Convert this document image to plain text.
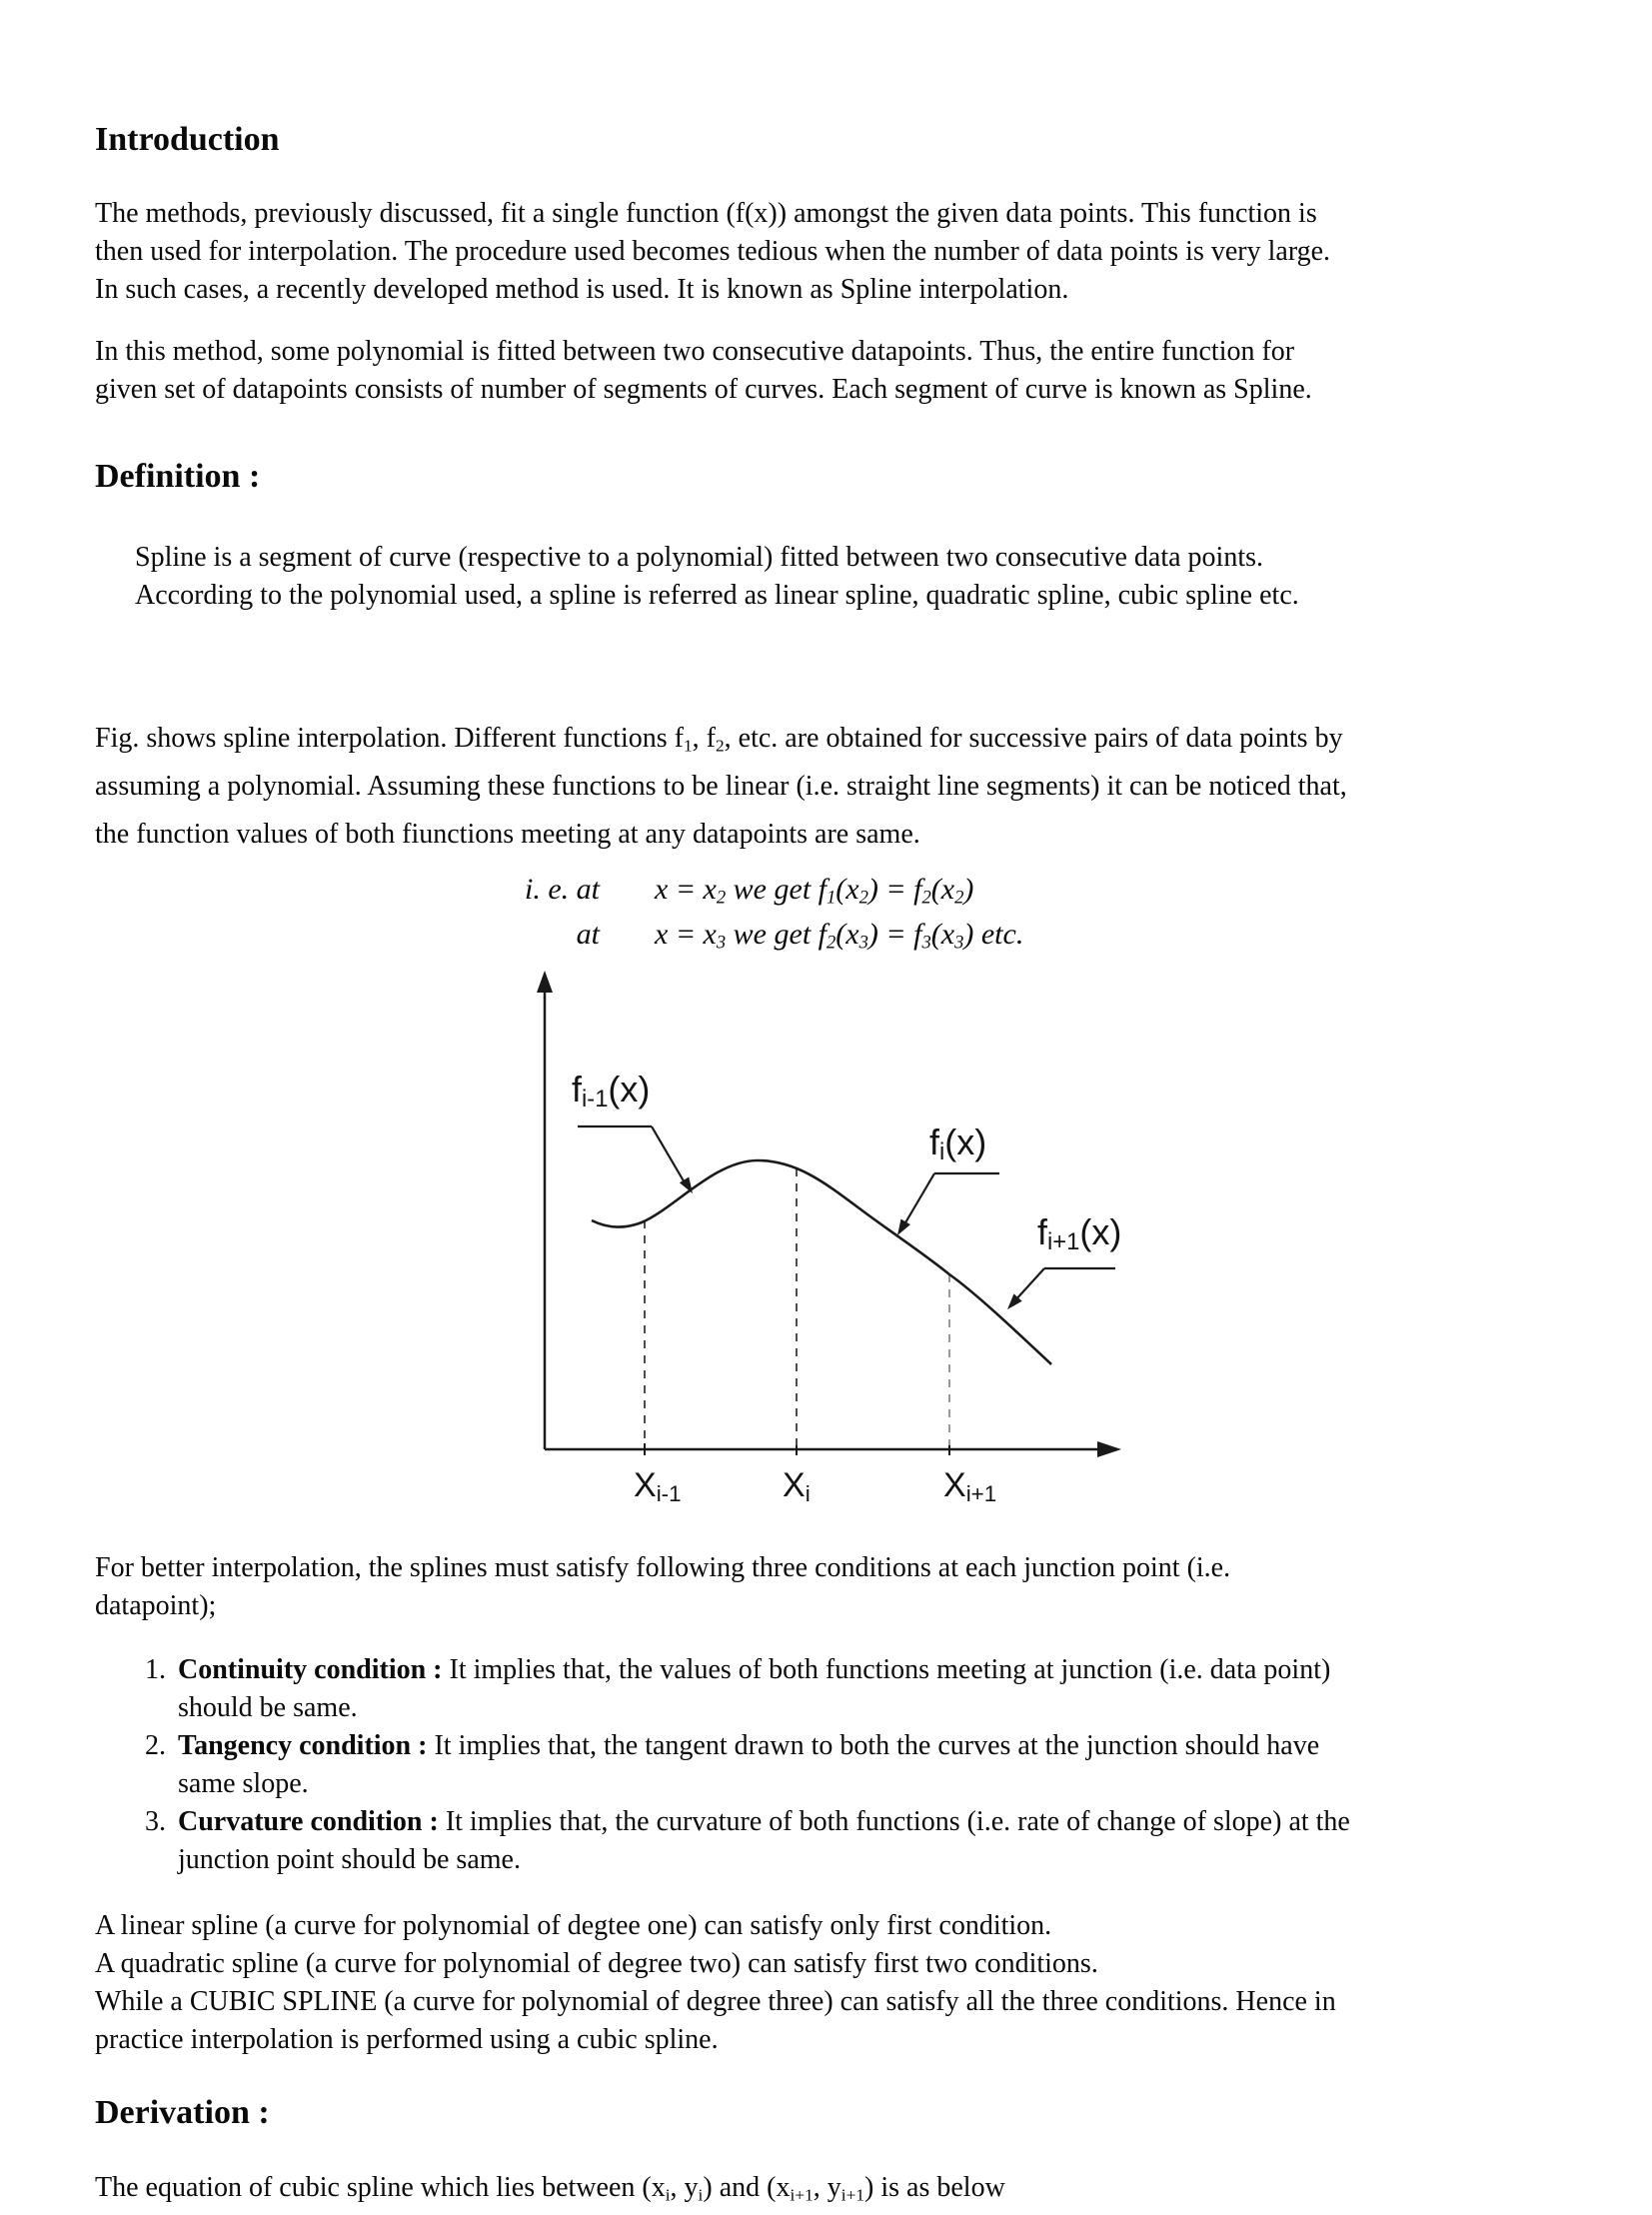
Introduction
The methods, previously discussed, fit a single function (f(x)) amongst the given data points. This function is
then used for interpolation. The procedure used becomes tedious when the number of data points is very large.
In such cases, a recently developed method is used. It is known as Spline interpolation.
In this method, some polynomial is fitted between two consecutive datapoints. Thus, the entire function for
given set of datapoints consists of number of segments of curves. Each segment of curve is known as Spline.
Definition :
Spline is a segment of curve (respective to a polynomial) fitted between two consecutive data points.
According to the polynomial used, a spline is referred as linear spline, quadratic spline, cubic spline etc.
Fig. shows spline interpolation. Different functions $f_1$, $f_2$, etc. are obtained for successive pairs of data points by
assuming a polynomial. Assuming these functions to be linear (i.e. straight line segments) it can be noticed that,
the function values of both fiunctions meeting at any datapoints are same.
i. e. at $x = x_2$ we get $f_1(x_2) = f_2(x_2)$
at $x = x_3$ we get $f_2(x_3) = f_3(x_3)$ etc.
$f_{i-1}(x)$
$f_i(x)$
$f_{i+1}(x)$
$X_{i-1}$	$X_i$	$X_{i+1}$
For better interpolation, the splines must satisfy following three conditions at each junction point (i.e.
datapoint);
1. Continuity condition : It implies that, the values of both functions meeting at junction (i.e. data point)
should be same.
2. Tangency condition : It implies that, the tangent drawn to both the curves at the junction should have
same slope.
3. Curvature condition : It implies that, the curvature of both functions (i.e. rate of change of slope) at the
junction point should be same.
A linear spline (a curve for polynomial of degtee one) can satisfy only first condition.
A quadratic spline (a curve for polynomial of degree two) can satisfy first two conditions.
While a CUBIC SPLINE (a curve for polynomial of degree three) can satisfy all the three conditions. Hence in
practice interpolation is performed using a cubic spline.
Derivation :
The equation of cubic spline which lies between ($x_i$, $y_i$) and ($x_{i+1}$, $y_{i+1}$) is as below
